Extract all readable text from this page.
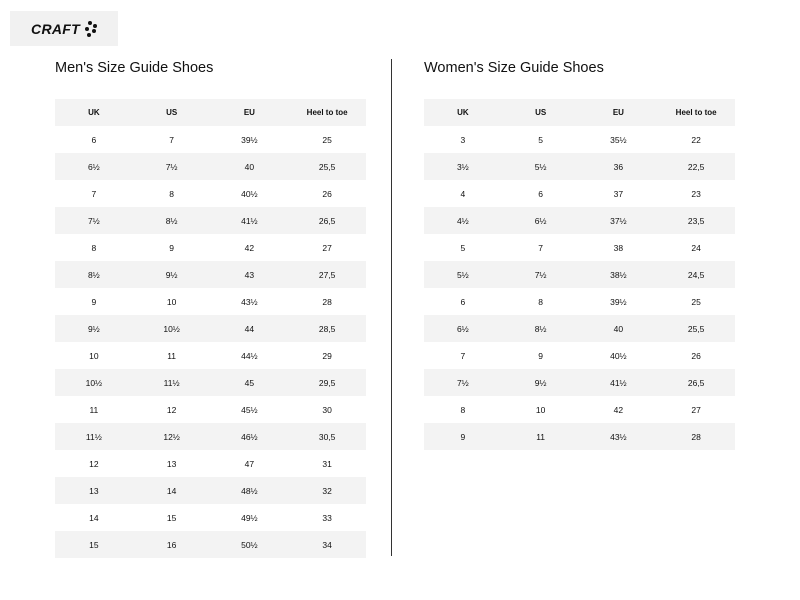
CRAFT
Men's Size Guide Shoes
UK	US	EU	Heel to toe
6	7	39½	25
6½	7½	40	25,5
7	8	40½	26
7½	8½	41½	26,5
8	9	42	27
8½	9½	43	27,5
9	10	43½	28
9½	10½	44	28,5
10	11	44½	29
10½	11½	45	29,5
11	12	45½	30
11½	12½	46½	30,5
12	13	47	31
13	14	48½	32
14	15	49½	33
15	16	50½	34
Women's Size Guide Shoes
UK	US	EU	Heel to toe
3	5	35½	22
3½	5½	36	22,5
4	6	37	23
4½	6½	37½	23,5
5	7	38	24
5½	7½	38½	24,5
6	8	39½	25
6½	8½	40	25,5
7	9	40½	26
7½	9½	41½	26,5
8	10	42	27
9	11	43½	28
